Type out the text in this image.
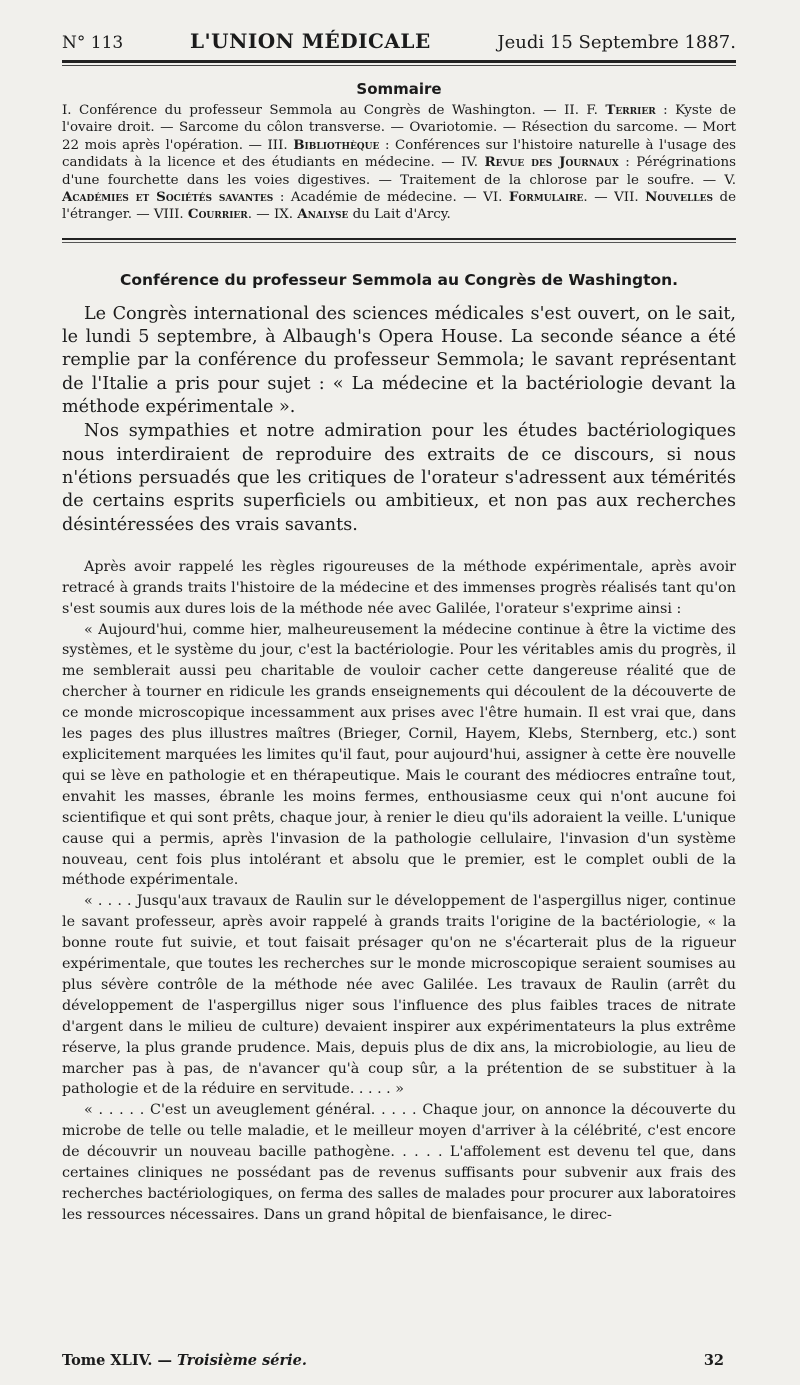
N° 113	L'UNION MÉDICALE	Jeudi 15 Septembre 1887.
Sommaire

I. Conférence du professeur Semmola au Congrès de Washington. — II. F. Terrier : Kyste de l'ovaire droit. — Sarcome du côlon transverse. — Ovariotomie. — Résection du sarcome. — Mort 22 mois après l'opération. — III. Bibliothèque : Conférences sur l'histoire naturelle à l'usage des candidats à la licence et des étudiants en médecine. — IV. Revue des Journaux : Pérégrinations d'une fourchette dans les voies digestives. — Traitement de la chlorose par le soufre. — V. Académies et Sociétés savantes : Académie de médecine. — VI. Formulaire. — VII. Nouvelles de l'étranger. — VIII. Courrier. — IX. Analyse du Lait d'Arcy.

Conférence du professeur Semmola au Congrès de Washington.

Le Congrès international des sciences médicales s'est ouvert, on le sait, le lundi 5 septembre, à Albaugh's Opera House. La seconde séance a été remplie par la conférence du professeur Semmola; le savant représentant de l'Italie a pris pour sujet : « La médecine et la bactériologie devant la méthode expérimentale ».

Nos sympathies et notre admiration pour les études bactériologiques nous interdiraient de reproduire des extraits de ce discours, si nous n'étions persuadés que les critiques de l'orateur s'adressent aux témérités de certains esprits superficiels ou ambitieux, et non pas aux recherches désintéressées des vrais savants.

Après avoir rappelé les règles rigoureuses de la méthode expérimentale, après avoir retracé à grands traits l'histoire de la médecine et des immenses progrès réalisés tant qu'on s'est soumis aux dures lois de la méthode née avec Galilée, l'orateur s'exprime ainsi :

« Aujourd'hui, comme hier, malheureusement la médecine continue à être la victime des systèmes, et le système du jour, c'est la bactériologie. Pour les véritables amis du progrès, il me semblerait aussi peu charitable de vouloir cacher cette dangereuse réalité que de chercher à tourner en ridicule les grands enseignements qui découlent de la découverte de ce monde microscopique incessamment aux prises avec l'être humain. Il est vrai que, dans les pages des plus illustres maîtres (Brieger, Cornil, Hayem, Klebs, Sternberg, etc.) sont explicitement marquées les limites qu'il faut, pour aujourd'hui, assigner à cette ère nouvelle qui se lève en pathologie et en thérapeutique. Mais le courant des médiocres entraîne tout, envahit les masses, ébranle les moins fermes, enthousiasme ceux qui n'ont aucune foi scientifique et qui sont prêts, chaque jour, à renier le dieu qu'ils adoraient la veille. L'unique cause qui a permis, après l'invasion de la pathologie cellulaire, l'invasion d'un système nouveau, cent fois plus intolérant et absolu que le premier, est le complet oubli de la méthode expérimentale.

« . . . . Jusqu'aux travaux de Raulin sur le développement de l'aspergillus niger, continue le savant professeur, après avoir rappelé à grands traits l'origine de la bactériologie, « la bonne route fut suivie, et tout faisait présager qu'on ne s'écarterait plus de la rigueur expérimentale, que toutes les recherches sur le monde microscopique seraient soumises au plus sévère contrôle de la méthode née avec Galilée. Les travaux de Raulin (arrêt du développement de l'aspergillus niger sous l'influence des plus faibles traces de nitrate d'argent dans le milieu de culture) devaient inspirer aux expérimentateurs la plus extrême réserve, la plus grande prudence. Mais, depuis plus de dix ans, la microbiologie, au lieu de marcher pas à pas, de n'avancer qu'à coup sûr, a la prétention de se substituer à la pathologie et de la réduire en servitude. . . . . »

« . . . . . C'est un aveuglement général. . . . . Chaque jour, on annonce la découverte du microbe de telle ou telle maladie, et le meilleur moyen d'arriver à la célébrité, c'est encore de découvrir un nouveau bacille pathogène. . . . . L'affolement est devenu tel que, dans certaines cliniques ne possédant pas de revenus suffisants pour subvenir aux frais des recherches bactériologiques, on ferma des salles de malades pour procurer aux laboratoires les ressources nécessaires. Dans un grand hôpital de bienfaisance, le direc-

Tome XLIV. — Troisième série.	32
